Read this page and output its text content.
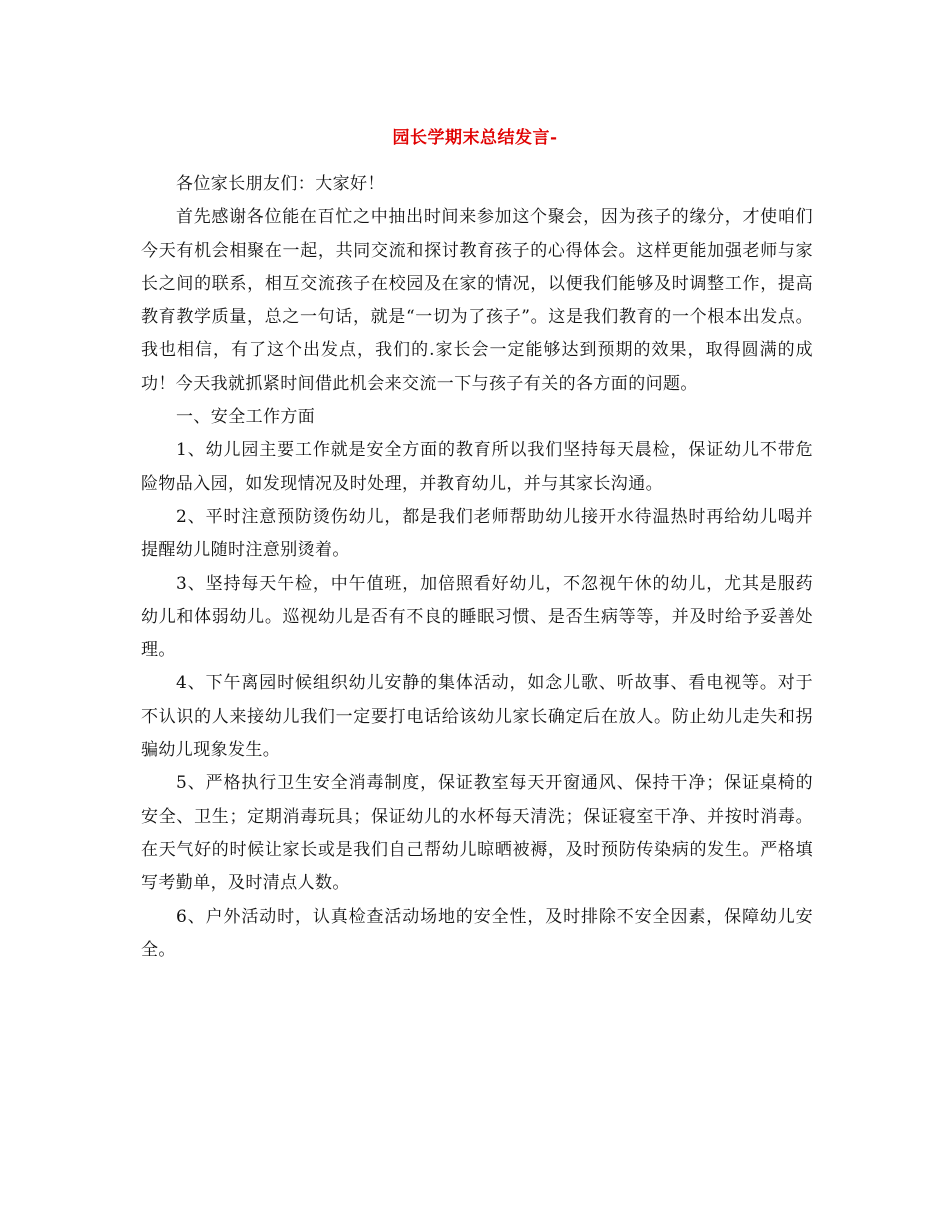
园长学期末总结发言-

各位家长朋友们：大家好！

首先感谢各位能在百忙之中抽出时间来参加这个聚会，因为孩子的缘分，才使咱们今天有机会相聚在一起，共同交流和探讨教育孩子的心得体会。这样更能加强老师与家长之间的联系，相互交流孩子在校园及在家的情况，以便我们能够及时调整工作，提高教育教学质量，总之一句话，就是“一切为了孩子”。这是我们教育的一个根本出发点。我也相信，有了这个出发点，我们的.家长会一定能够达到预期的效果，取得圆满的成功！今天我就抓紧时间借此机会来交流一下与孩子有关的各方面的问题。

一、安全工作方面

1、幼儿园主要工作就是安全方面的教育所以我们坚持每天晨检，保证幼儿不带危险物品入园，如发现情况及时处理，并教育幼儿，并与其家长沟通。

2、平时注意预防烫伤幼儿，都是我们老师帮助幼儿接开水待温热时再给幼儿喝并提醒幼儿随时注意别烫着。

3、坚持每天午检，中午值班，加倍照看好幼儿，不忽视午休的幼儿，尤其是服药幼儿和体弱幼儿。巡视幼儿是否有不良的睡眠习惯、是否生病等等，并及时给予妥善处理。

4、下午离园时候组织幼儿安静的集体活动，如念儿歌、听故事、看电视等。对于不认识的人来接幼儿我们一定要打电话给该幼儿家长确定后在放人。防止幼儿走失和拐骗幼儿现象发生。

5、严格执行卫生安全消毒制度，保证教室每天开窗通风、保持干净；保证桌椅的安全、卫生；定期消毒玩具；保证幼儿的水杯每天清洗；保证寝室干净、并按时消毒。在天气好的时候让家长或是我们自己帮幼儿晾晒被褥，及时预防传染病的发生。严格填写考勤单，及时清点人数。

6、户外活动时，认真检查活动场地的安全性，及时排除不安全因素，保障幼儿安全。
